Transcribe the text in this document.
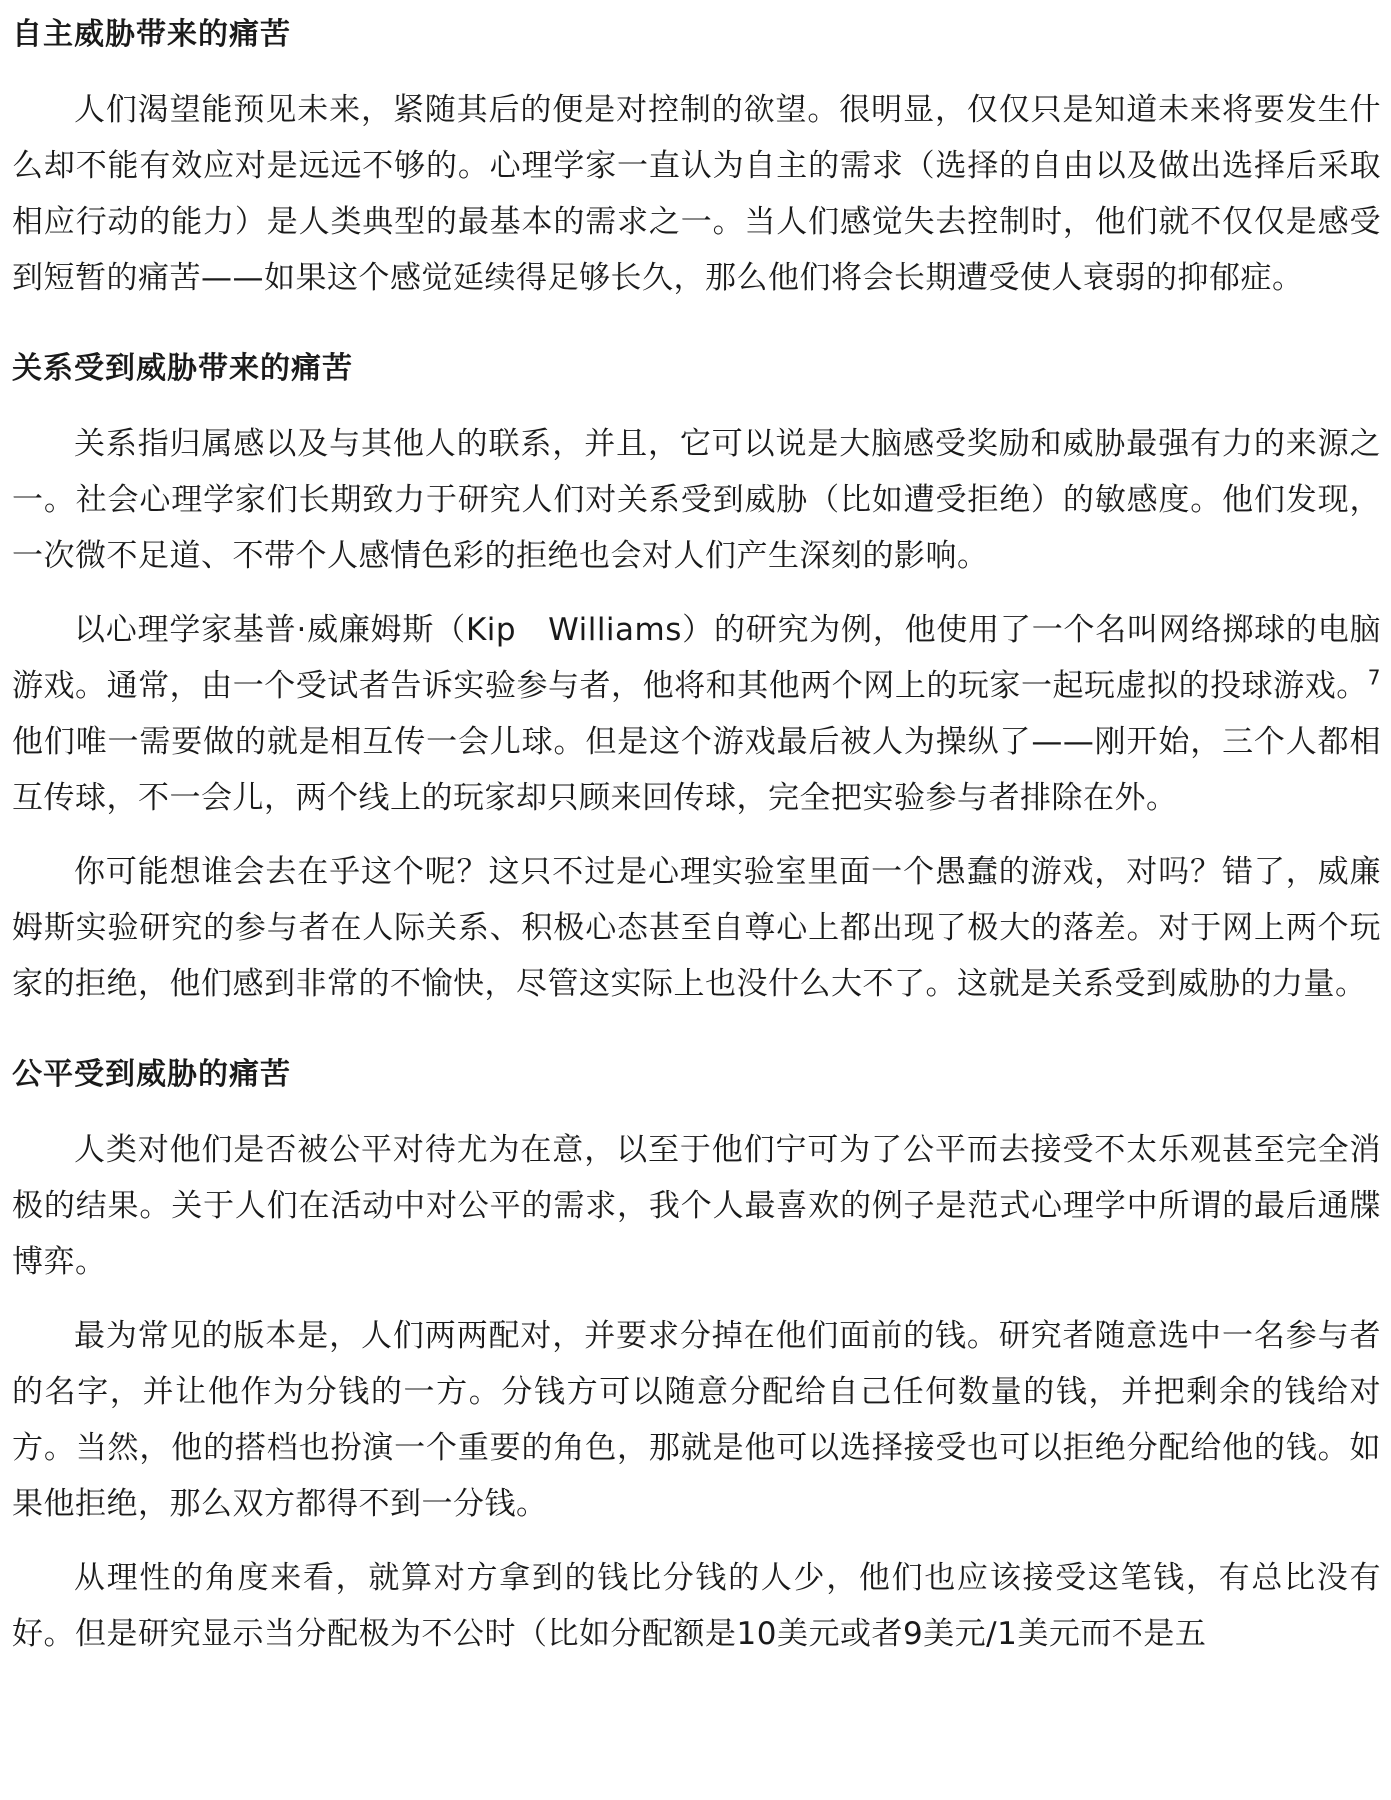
自主威胁带来的痛苦

人们渴望能预见未来，紧随其后的便是对控制的欲望。很明显，仅仅只是知道未来将要发生什么却不能有效应对是远远不够的。心理学家一直认为自主的需求（选择的自由以及做出选择后采取相应行动的能力）是人类典型的最基本的需求之一。当人们感觉失去控制时，他们就不仅仅是感受到短暂的痛苦——如果这个感觉延续得足够长久，那么他们将会长期遭受使人衰弱的抑郁症。

关系受到威胁带来的痛苦

关系指归属感以及与其他人的联系，并且，它可以说是大脑感受奖励和威胁最强有力的来源之一。社会心理学家们长期致力于研究人们对关系受到威胁（比如遭受拒绝）的敏感度。他们发现，一次微不足道、不带个人感情色彩的拒绝也会对人们产生深刻的影响。

以心理学家基普·威廉姆斯（Kip　Williams）的研究为例，他使用了一个名叫网络掷球的电脑游戏。通常，由一个受试者告诉实验参与者，他将和其他两个网上的玩家一起玩虚拟的投球游戏。$^7$他们唯一需要做的就是相互传一会儿球。但是这个游戏最后被人为操纵了——刚开始，三个人都相互传球，不一会儿，两个线上的玩家却只顾来回传球，完全把实验参与者排除在外。

你可能想谁会去在乎这个呢？这只不过是心理实验室里面一个愚蠢的游戏，对吗？错了，威廉姆斯实验研究的参与者在人际关系、积极心态甚至自尊心上都出现了极大的落差。对于网上两个玩家的拒绝，他们感到非常的不愉快，尽管这实际上也没什么大不了。这就是关系受到威胁的力量。

公平受到威胁的痛苦

人类对他们是否被公平对待尤为在意，以至于他们宁可为了公平而去接受不太乐观甚至完全消极的结果。关于人们在活动中对公平的需求，我个人最喜欢的例子是范式心理学中所谓的最后通牒博弈。

最为常见的版本是，人们两两配对，并要求分掉在他们面前的钱。研究者随意选中一名参与者的名字，并让他作为分钱的一方。分钱方可以随意分配给自己任何数量的钱，并把剩余的钱给对方。当然，他的搭档也扮演一个重要的角色，那就是他可以选择接受也可以拒绝分配给他的钱。如果他拒绝，那么双方都得不到一分钱。

从理性的角度来看，就算对方拿到的钱比分钱的人少，他们也应该接受这笔钱，有总比没有好。但是研究显示当分配极为不公时（比如分配额是10美元或者9美元/1美元而不是五
